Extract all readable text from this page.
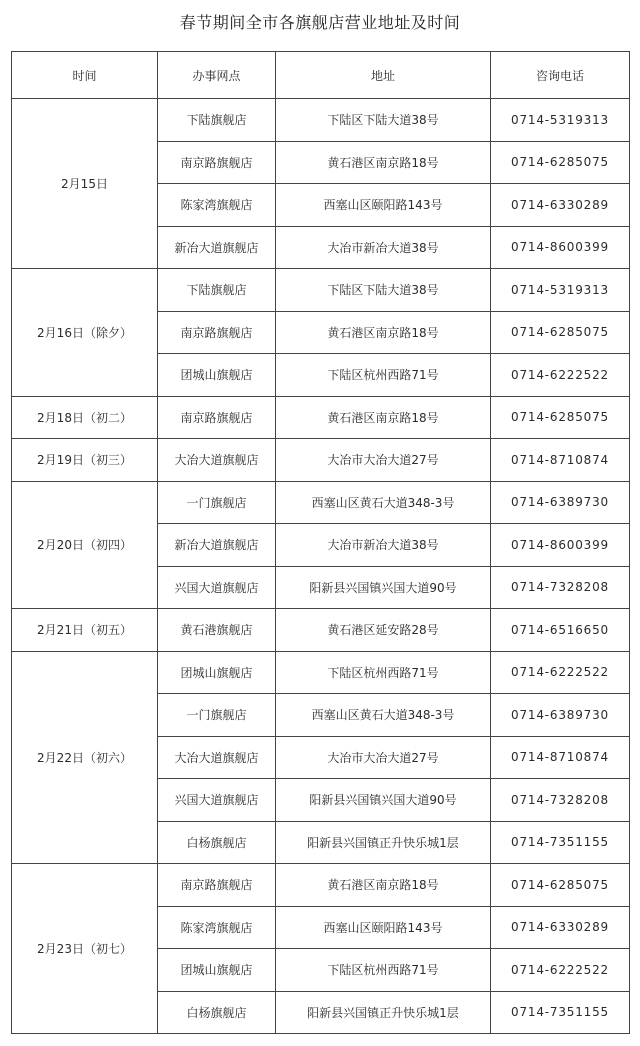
春节期间全市各旗舰店营业地址及时间
时间	办事网点	地址	咨询电话
2月15日	下陆旗舰店	下陆区下陆大道38号	0714-5319313
	南京路旗舰店	黄石港区南京路18号	0714-6285075
	陈家湾旗舰店	西塞山区颐阳路143号	0714-6330289
	新冶大道旗舰店	大冶市新冶大道38号	0714-8600399
2月16日（除夕）	下陆旗舰店	下陆区下陆大道38号	0714-5319313
	南京路旗舰店	黄石港区南京路18号	0714-6285075
	团城山旗舰店	下陆区杭州西路71号	0714-6222522
2月18日（初二）	南京路旗舰店	黄石港区南京路18号	0714-6285075
2月19日（初三）	大冶大道旗舰店	大冶市大冶大道27号	0714-8710874
2月20日（初四）	一门旗舰店	西塞山区黄石大道348-3号	0714-6389730
	新冶大道旗舰店	大冶市新冶大道38号	0714-8600399
	兴国大道旗舰店	阳新县兴国镇兴国大道90号	0714-7328208
2月21日（初五）	黄石港旗舰店	黄石港区延安路28号	0714-6516650
2月22日（初六）	团城山旗舰店	下陆区杭州西路71号	0714-6222522
	一门旗舰店	西塞山区黄石大道348-3号	0714-6389730
	大冶大道旗舰店	大冶市大冶大道27号	0714-8710874
	兴国大道旗舰店	阳新县兴国镇兴国大道90号	0714-7328208
	白杨旗舰店	阳新县兴国镇正升快乐城1层	0714-7351155
2月23日（初七）	南京路旗舰店	黄石港区南京路18号	0714-6285075
	陈家湾旗舰店	西塞山区颐阳路143号	0714-6330289
	团城山旗舰店	下陆区杭州西路71号	0714-6222522
	白杨旗舰店	阳新县兴国镇正升快乐城1层	0714-7351155
